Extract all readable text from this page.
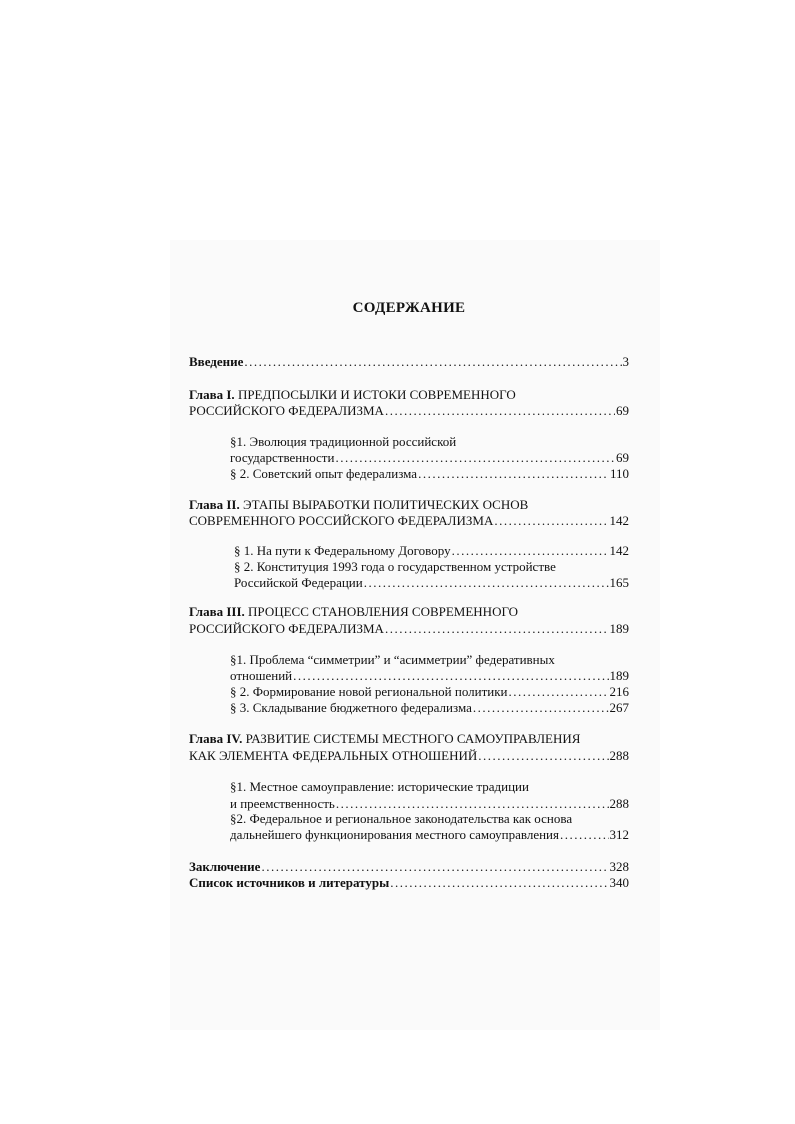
СОДЕРЖАНИЕ
Введение .....	3
Глава I. ПРЕДПОСЫЛКИ И ИСТОКИ СОВРЕМЕННОГО
РОССИЙСКОГО ФЕДЕРАЛИЗМА .....	69
§1. Эволюция традиционной российской
государственности .....	69
§ 2. Советский опыт федерализма .....	110
Глава II. ЭТАПЫ ВЫРАБОТКИ ПОЛИТИЧЕСКИХ ОСНОВ
СОВРЕМЕННОГО РОССИЙСКОГО ФЕДЕРАЛИЗМА .....	142
§ 1. На пути к Федеральному Договору .....	142
§ 2. Конституция 1993 года о государственном устройстве
Российской Федерации .....	165
Глава III. ПРОЦЕСС СТАНОВЛЕНИЯ СОВРЕМЕННОГО
РОССИЙСКОГО ФЕДЕРАЛИЗМА .....	189
§1. Проблема “симметрии” и “асимметрии” федеративных
отношений .....	189
§ 2. Формирование новой региональной политики .....	216
§ 3. Складывание бюджетного федерализма .....	267
Глава IV. РАЗВИТИЕ СИСТЕМЫ МЕСТНОГО САМОУПРАВЛЕНИЯ
КАК ЭЛЕМЕНТА ФЕДЕРАЛЬНЫХ ОТНОШЕНИЙ .....	288
§1. Местное самоуправление: исторические традиции
и преемственность .....	288
§2. Федеральное и региональное законодательства как основа
дальнейшего функционирования местного самоуправления .....	312
Заключение .....	328
Список источников и литературы .....	340
